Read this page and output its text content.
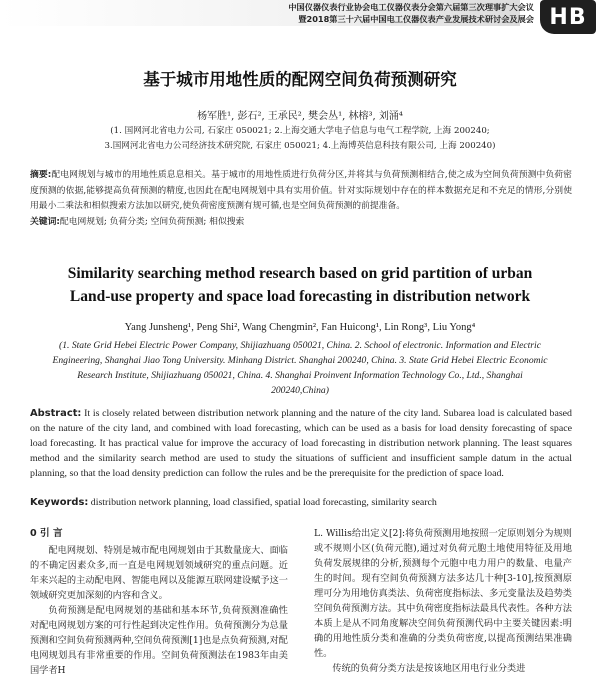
中国仪器仪表行业协会电工仪器仪表分会第六届第三次理事扩大会议
暨2018第三十六届中国电工仪器仪表产业发展技术研讨会及展会 HB
基于城市用地性质的配网空间负荷预测研究
杨军胜¹, 彭石², 王承民², 樊会丛¹, 林榕³, 刘涌⁴
(1. 国网河北省电力公司, 石家庄 050021; 2.上海交通大学电子信息与电气工程学院, 上海 200240;
3.国网河北省电力公司经济技术研究院, 石家庄 050021; 4.上海博英信息科技有限公司, 上海 200240)
摘要:配电网规划与城市的用地性质息息相关。基于城市的用地性质进行负荷分区,并将其与负荷预测相结合,使之成为空间负荷预测中负荷密度预测的依据,能够提高负荷预测的精度,也因此在配电网规划中具有实用价值。针对实际规划中存在的样本数据充足和不充足的情形,分别使用最小二乘法和相似搜索方法加以研究,使负荷密度预测有规可循,也是空间负荷预测的前提准备。
关键词:配电网规划; 负荷分类; 空间负荷预测; 相似搜索
Similarity searching method research based on grid partition of urban
Land-use property and space load forecasting in distribution network
Yang Junsheng¹, Peng Shi², Wang Chengmin², Fan Huicong¹, Lin Rong³, Liu Yong⁴
(1. State Grid Hebei Electric Power Company, Shijiazhuang 050021, China. 2. School of electronic. Information and Electric Engineering, Shanghai Jiao Tong University. Minhang District. Shanghai 200240, China. 3. State Grid Hebei Electric Economic Research Institute, Shijiazhuang 050021, China. 4. Shanghai Proinvent Information Technology Co., Ltd., Shanghai 200240,China)
Abstract: It is closely related between distribution network planning and the nature of the city land. Subarea load is calculated based on the nature of the city land, and combined with load forecasting, which can be used as a basis for load density forecasting of space load forecasting. It has practical value for improve the accuracy of load forecasting in distribution network planning. The least squares method and the similarity search method are used to study the situations of sufficient and insufficient sample datum in the actual planning, so that the load density prediction can follow the rules and be the prerequisite for the prediction of space load.
Keywords: distribution network planning, load classified, spatial load forecasting, similarity search
0 引 言

配电网规划、特别是城市配电网规划由于其数量庞大、面临的不确定因素众多,而一直是电网规划领域研究的重点问题。近年来兴起的主动配电网、智能电网以及能源互联网建设赋予这一领域研究更加深刻的内容和含义。

负荷预测是配电网规划的基础和基本环节,负荷预测准确性对配电网规划方案的可行性起到决定性作用。负荷预测分为总量预测和空间负荷预测两种,空间负荷预测[1]也是点负荷预测,对配电网规划具有非常重要的作用。空间负荷预测法在1983年由美国学者H

L. Willis给出定义[2]:将负荷预测用地按照一定原则划分为规则或不规则小区(负荷元胞),通过对负荷元胞土地使用特征及用地负荷发展规律的分析,预测每个元胞中电力用户的数量、电量产生的时间。现有空间负荷预测方法多达几十种[3-10],按预测原理可分为用地仿真类法、负荷密度指标法、多元变量法及趋势类空间负荷预测方法。其中负荷密度指标法最具代表性。各种方法本质上是从不同角度解决空间负荷预测代码中主要关键因素:明确的用地性质分类和准确的分类负荷密度,以提高预测结果准确性。

传统的负荷分类方法是按该地区用电行业分类进
